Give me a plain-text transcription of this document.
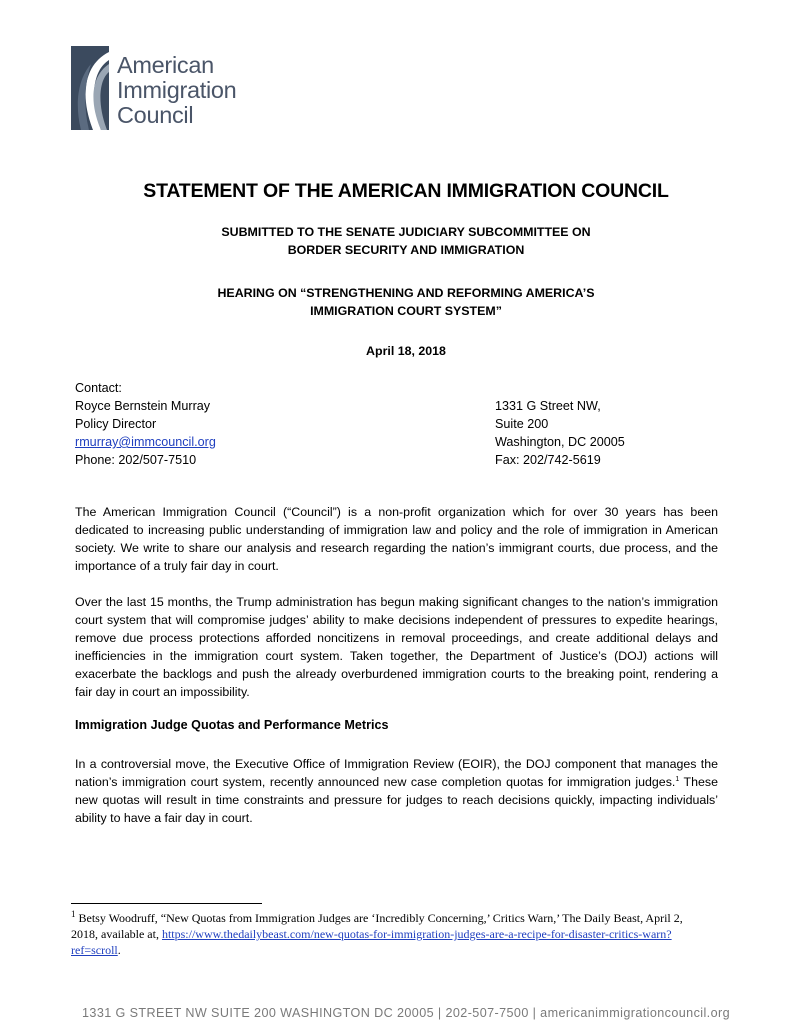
American
Immigration
Council
STATEMENT OF THE AMERICAN IMMIGRATION COUNCIL
SUBMITTED TO THE SENATE JUDICIARY SUBCOMMITTEE ON
BORDER SECURITY AND IMMIGRATION
HEARING ON “STRENGTHENING AND REFORMING AMERICA’S
IMMIGRATION COURT SYSTEM”
April 18, 2018
Contact:
Royce Bernstein Murray
Policy Director
rmurray@immcouncil.org
Phone: 202/507-7510
1331 G Street NW,
Suite 200
Washington, DC 20005
Fax: 202/742-5619
The American Immigration Council (“Council”) is a non-profit organization which for over 30 years has been dedicated to increasing public understanding of immigration law and policy and the role of immigration in American society. We write to share our analysis and research regarding the nation’s immigrant courts, due process, and the importance of a truly fair day in court.
Over the last 15 months, the Trump administration has begun making significant changes to the nation’s immigration court system that will compromise judges’ ability to make decisions independent of pressures to expedite hearings, remove due process protections afforded noncitizens in removal proceedings, and create additional delays and inefficiencies in the immigration court system. Taken together, the Department of Justice’s (DOJ) actions will exacerbate the backlogs and push the already overburdened immigration courts to the breaking point, rendering a fair day in court an impossibility.
Immigration Judge Quotas and Performance Metrics
In a controversial move, the Executive Office of Immigration Review (EOIR), the DOJ component that manages the nation’s immigration court system, recently announced new case completion quotas for immigration judges.$^1$ These new quotas will result in time constraints and pressure for judges to reach decisions quickly, impacting individuals’ ability to have a fair day in court.
$^1$ Betsy Woodruff, “New Quotas from Immigration Judges are ‘Incredibly Concerning,’ Critics Warn,’ The Daily Beast, April 2, 2018, available at, https://www.thedailybeast.com/new-quotas-for-immigration-judges-are-a-recipe-for-disaster-critics-warn?ref=scroll.
1331 G STREET NW SUITE 200 WASHINGTON DC 20005 | 202-507-7500 | americanimmigrationcouncil.org
